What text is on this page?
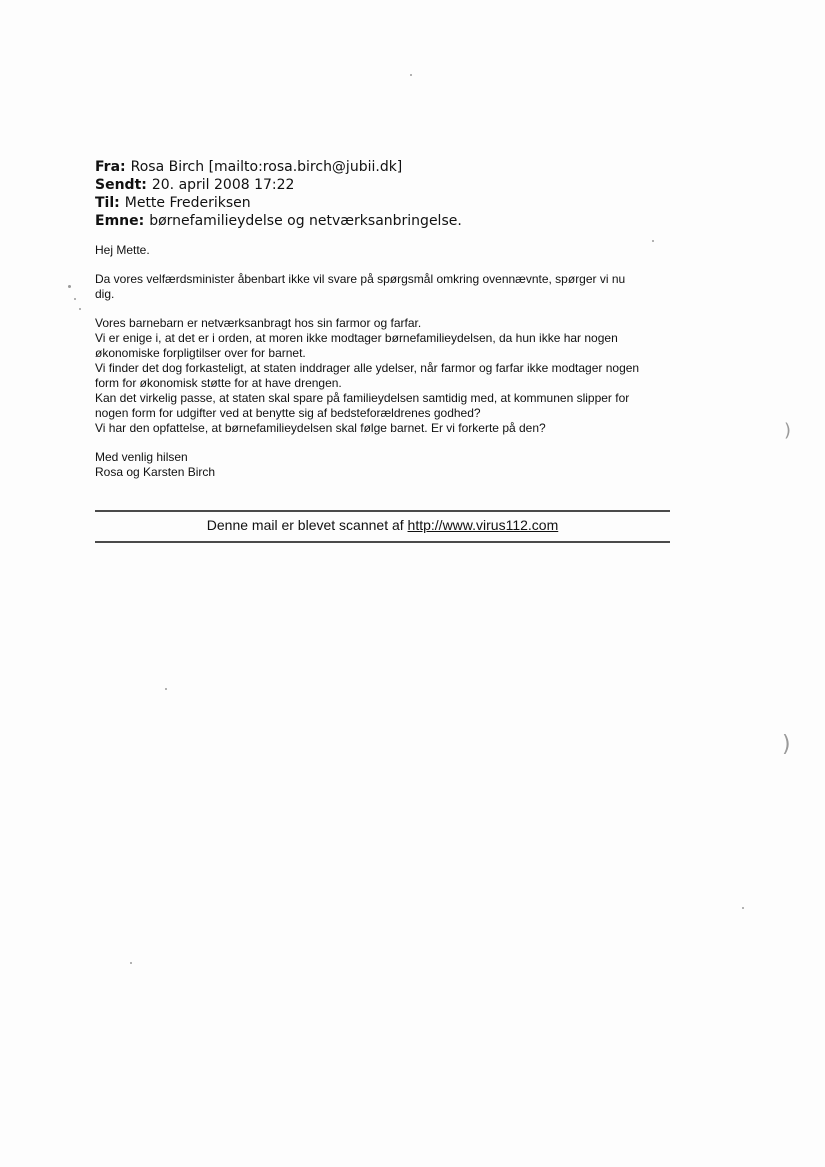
Fra: Rosa Birch [mailto:rosa.birch@jubii.dk]
Sendt: 20. april 2008 17:22
Til: Mette Frederiksen
Emne: børnefamilieydelse og netværksanbringelse.

Hej Mette.

Da vores velfærdsminister åbenbart ikke vil svare på spørgsmål omkring ovennævnte, spørger vi nu
dig.

Vores barnebarn er netværksanbragt hos sin farmor og farfar.
Vi er enige i, at det er i orden, at moren ikke modtager børnefamilieydelsen, da hun ikke har nogen
økonomiske forpligtilser over for barnet.
Vi finder det dog forkasteligt, at staten inddrager alle ydelser, når farmor og farfar ikke modtager nogen
form for økonomisk støtte for at have drengen.
Kan det virkelig passe, at staten skal spare på familieydelsen samtidig med, at kommunen slipper for
nogen form for udgifter ved at benytte sig af bedsteforældrenes godhed?
Vi har den opfattelse, at børnefamilieydelsen skal følge barnet. Er vi forkerte på den?

Med venlig hilsen
Rosa og Karsten Birch

Denne mail er blevet scannet af http://www.virus112.com
)
)
